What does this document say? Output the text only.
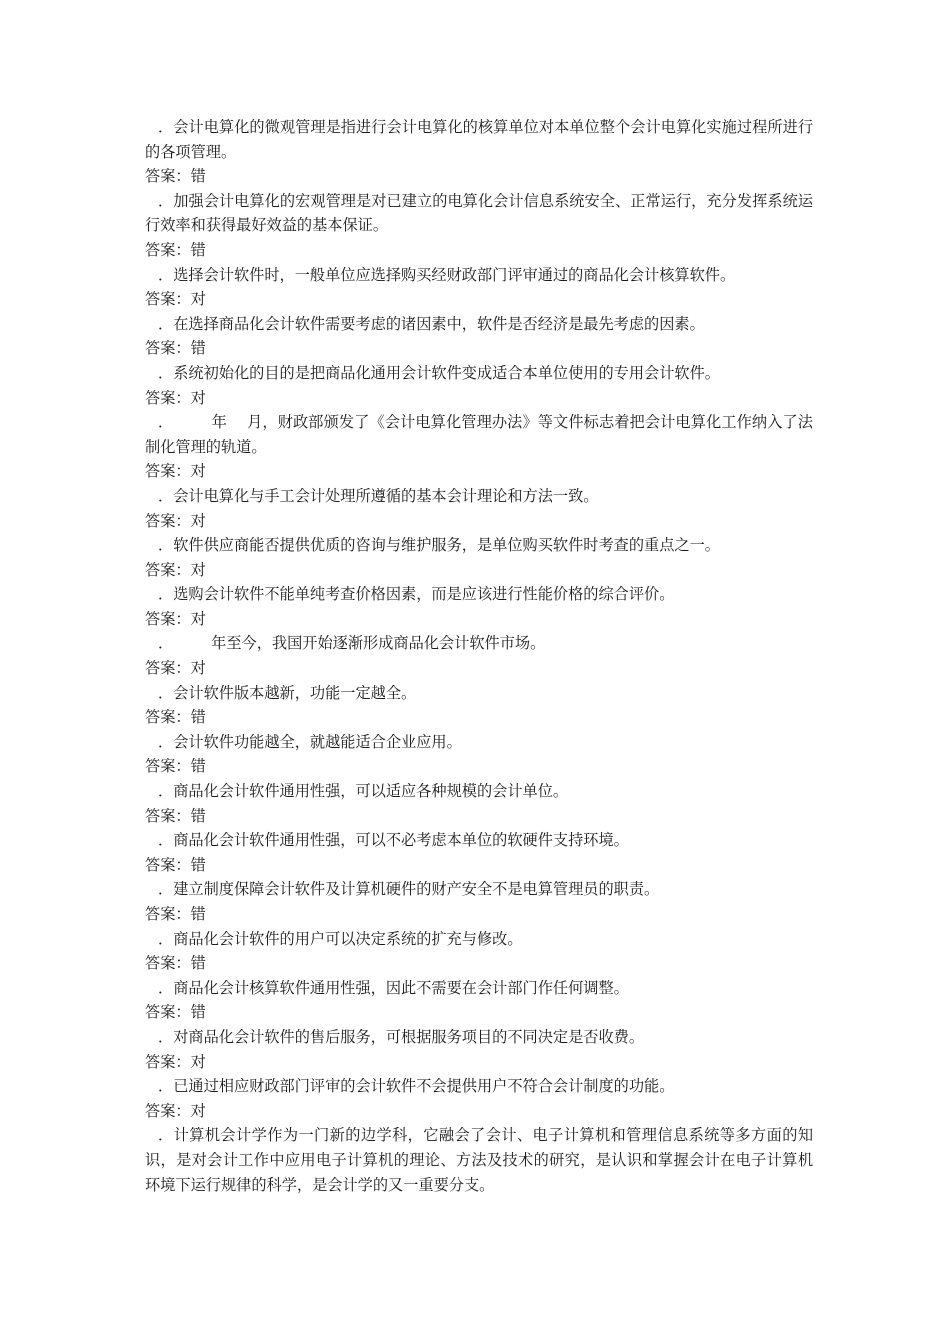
．会计电算化的微观管理是指进行会计电算化的核算单位对本单位整个会计电算化实施过程所进行的各项管理。

答案：错

．加强会计电算化的宏观管理是对已建立的电算化会计信息系统安全、正常运行，充分发挥系统运行效率和获得最好效益的基本保证。

答案：错

．选择会计软件时，一般单位应选择购买经财政部门评审通过的商品化会计核算软件。

答案：对

．在选择商品化会计软件需要考虑的诸因素中，软件是否经济是最先考虑的因素。

答案：错

．系统初始化的目的是把商品化通用会计软件变成适合本单位使用的专用会计软件。

答案：对

．　　　年　 月，财政部颁发了《会计电算化管理办法》等文件标志着把会计电算化工作纳入了法制化管理的轨道。

答案：对

．会计电算化与手工会计处理所遵循的基本会计理论和方法一致。

答案：对

．软件供应商能否提供优质的咨询与维护服务，是单位购买软件时考查的重点之一。

答案：对

．选购会计软件不能单纯考查价格因素，而是应该进行性能价格的综合评价。

答案：对

．　　　年至今，我国开始逐渐形成商品化会计软件市场。

答案：对

．会计软件版本越新，功能一定越全。

答案：错

．会计软件功能越全，就越能适合企业应用。

答案：错

．商品化会计软件通用性强，可以适应各种规模的会计单位。

答案：错

．商品化会计软件通用性强，可以不必考虑本单位的软硬件支持环境。

答案：错

．建立制度保障会计软件及计算机硬件的财产安全不是电算管理员的职责。

答案：错

．商品化会计软件的用户可以决定系统的扩充与修改。

答案：错

．商品化会计核算软件通用性强，因此不需要在会计部门作任何调整。

答案：错

．对商品化会计软件的售后服务，可根据服务项目的不同决定是否收费。

答案：对

．已通过相应财政部门评审的会计软件不会提供用户不符合会计制度的功能。

答案：对

．计算机会计学作为一门新的边学科，它融会了会计、电子计算机和管理信息系统等多方面的知识，是对会计工作中应用电子计算机的理论、方法及技术的研究，是认识和掌握会计在电子计算机环境下运行规律的科学，是会计学的又一重要分支。
